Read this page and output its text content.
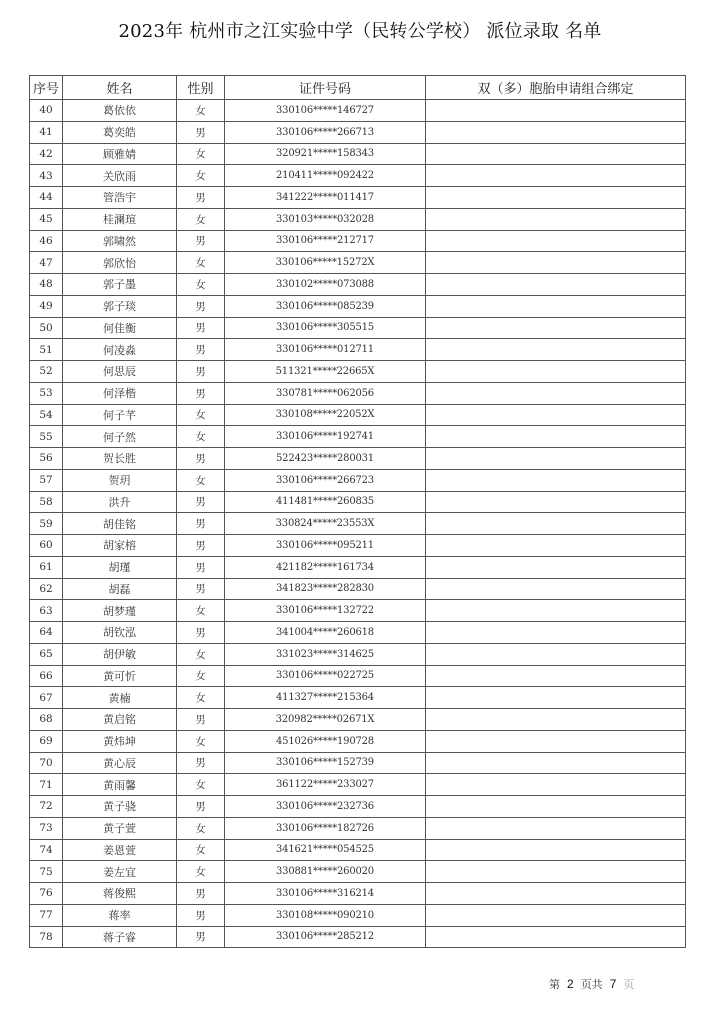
2023年 杭州市之江实验中学（民转公学校） 派位录取 名单
序号	姓名	性别	证件号码	双（多）胞胎申请组合绑定
40	葛依依	女	330106*****146727	
41	葛奕皓	男	330106*****266713	
42	顾雅婧	女	320921*****158343	
43	关欣雨	女	210411*****092422	
44	管浩宇	男	341222*****011417	
45	桂澜瑄	女	330103*****032028	
46	郭啸然	男	330106*****212717	
47	郭欣怡	女	330106*****15272X	
48	郭子墨	女	330102*****073088	
49	郭子琰	男	330106*****085239	
50	何佳衡	男	330106*****305515	
51	何凌淼	男	330106*****012711	
52	何思辰	男	511321*****22665X	
53	何泽楷	男	330781*****062056	
54	何子芊	女	330108*****22052X	
55	何子然	女	330106*****192741	
56	贺长胜	男	522423*****280031	
57	贺玥	女	330106*****266723	
58	洪升	男	411481*****260835	
59	胡佳铭	男	330824*****23553X	
60	胡家榕	男	330106*****095211	
61	胡瑾	男	421182*****161734	
62	胡磊	男	341823*****282830	
63	胡梦瑾	女	330106*****132722	
64	胡钦泓	男	341004*****260618	
65	胡伊敏	女	331023*****314625	
66	黄可忻	女	330106*****022725	
67	黄楠	女	411327*****215364	
68	黄启铭	男	320982*****02671X	
69	黄炜坤	女	451026*****190728	
70	黄心辰	男	330106*****152739	
71	黄雨馨	女	361122*****233027	
72	黄子骁	男	330106*****232736	
73	黄子萱	女	330106*****182726	
74	姜恩萱	女	341621*****054525	
75	姜左宜	女	330881*****260020	
76	蒋俊熙	男	330106*****316214	
77	蒋率	男	330108*****090210	
78	蒋子睿	男	330106*****285212	
第 2 页共 7 页
